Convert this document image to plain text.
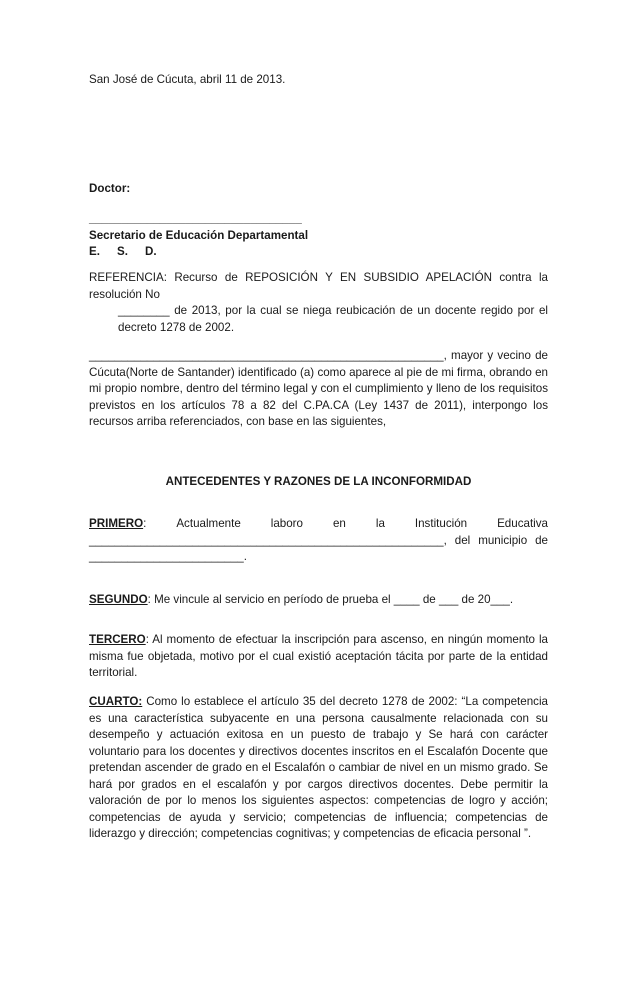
San José de Cúcuta, abril 11 de 2013.
Doctor:
_________________________________
Secretario de Educación Departamental
E. S. D.
REFERENCIA: Recurso de REPOSICIÓN Y EN SUBSIDIO APELACIÓN contra la resolución No
________ de 2013, por la cual se niega reubicación de un docente regido por el
decreto 1278 de 2002.
_______________________________________________________, mayor y vecino de Cúcuta(Norte de Santander) identificado (a) como aparece al pie de mi firma, obrando en mi propio nombre, dentro del término legal y con el cumplimiento y lleno de los requisitos previstos en los artículos 78 a 82 del C.PA.CA (Ley 1437 de 2011), interpongo los recursos arriba referenciados, con base en las siguientes,
ANTECEDENTES Y RAZONES DE LA INCONFORMIDAD
PRIMERO:	Actualmente	laboro	en	la	Institución	Educativa
_______________________________________________________, del municipio de
________________________.
SEGUNDO: Me vincule al servicio en período de prueba el ____ de ___ de 20___.
TERCERO: Al momento de efectuar la inscripción para ascenso, en ningún momento la misma fue objetada, motivo por el cual existió aceptación tácita por parte de la entidad territorial.
CUARTO: Como lo establece el artículo 35 del decreto 1278 de 2002: “La competencia es una característica subyacente en una persona causalmente relacionada con su desempeño y actuación exitosa en un puesto de trabajo y Se hará con carácter voluntario para los docentes y directivos docentes inscritos en el Escalafón Docente que pretendan ascender de grado en el Escalafón o cambiar de nivel en un mismo grado. Se hará por grados en el escalafón y por cargos directivos docentes. Debe permitir la valoración de por lo menos los siguientes aspectos: competencias de logro y acción; competencias de ayuda y servicio; competencias de influencia; competencias de liderazgo y dirección; competencias cognitivas; y competencias de eficacia personal ”.
